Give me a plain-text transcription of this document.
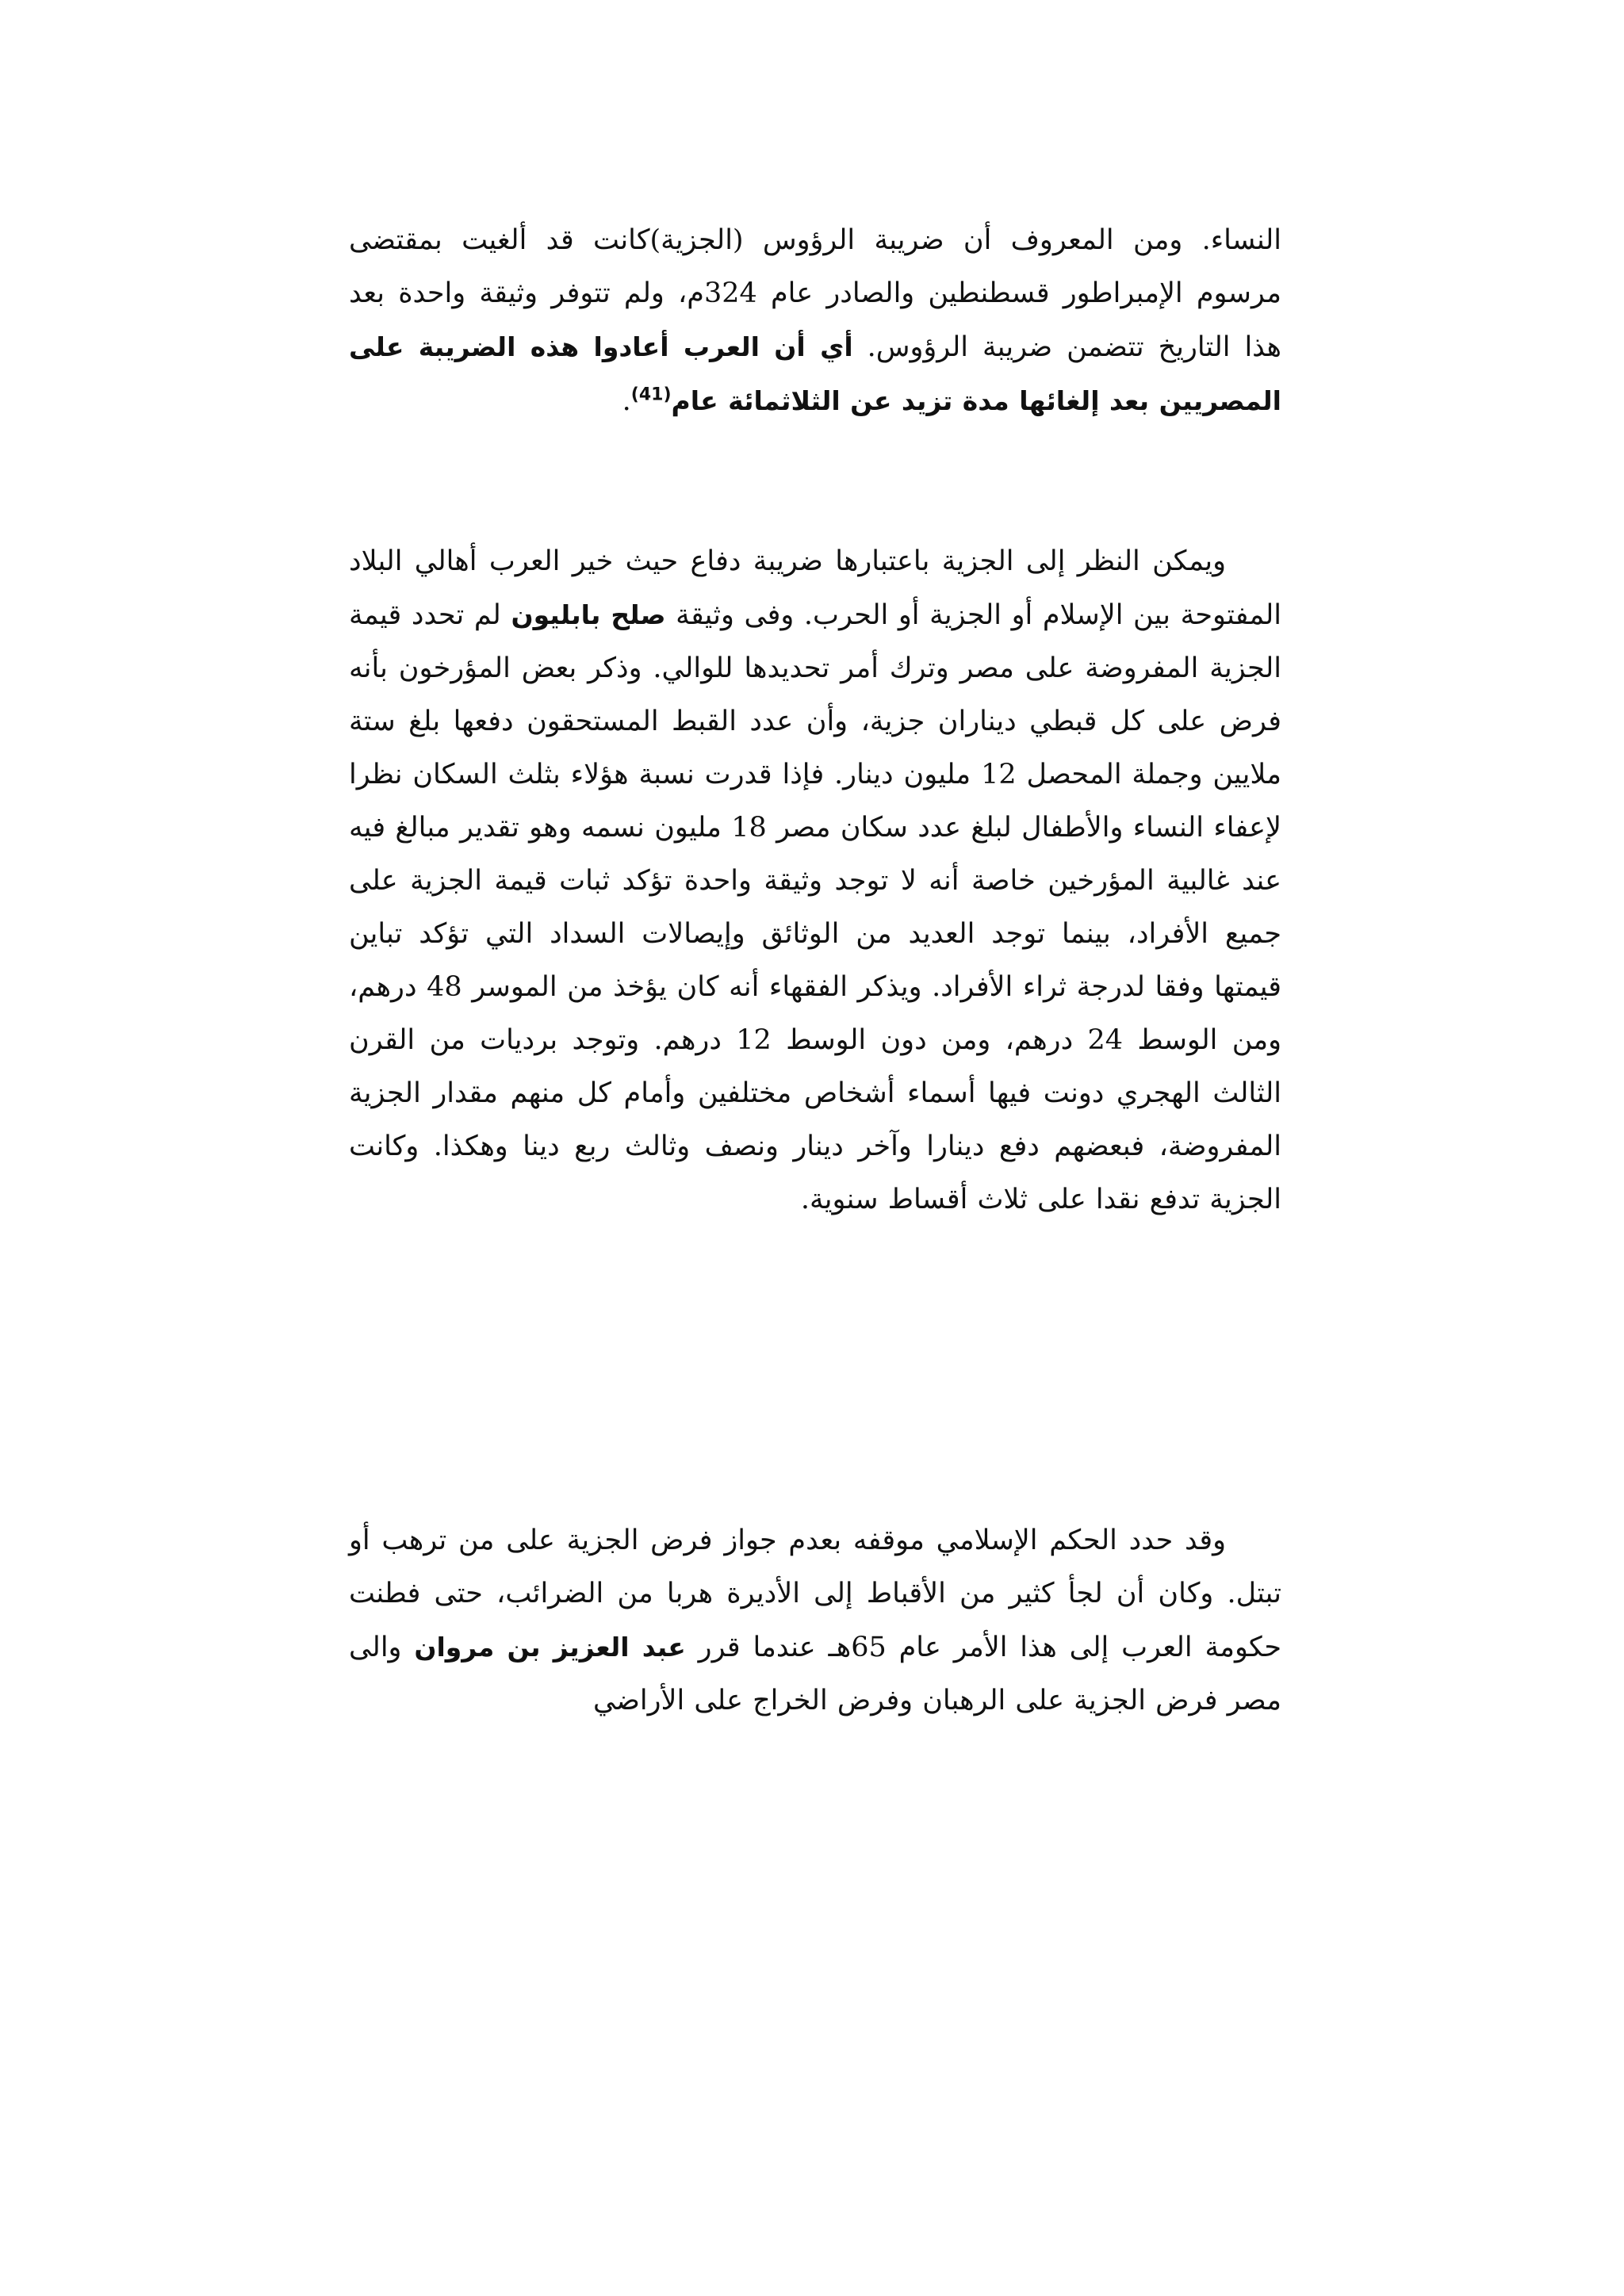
النساء. ومن المعروف أن ضريبة الرؤوس (الجزية)كانت قد ألغيت بمقتضى مرسوم الإمبراطور قسطنطين والصادر عام 324م، ولم تتوفر وثيقة واحدة بعد هذا التاريخ تتضمن ضريبة الرؤوس. أي أن العرب أعادوا هذه الضريبة على المصريين بعد إلغائها مدة تزيد عن الثلاثمائة عام$^{(41)}$.

ويمكن النظر إلى الجزية باعتبارها ضريبة دفاع حيث خير العرب أهالي البلاد المفتوحة بين الإسلام أو الجزية أو الحرب. وفى وثيقة صلح بابليون لم تحدد قيمة الجزية المفروضة على مصر وترك أمر تحديدها للوالي. وذكر بعض المؤرخون بأنه فرض على كل قبطي ديناران جزية، وأن عدد القبط المستحقون دفعها بلغ ستة ملايين وجملة المحصل 12 مليون دينار. فإذا قدرت نسبة هؤلاء بثلث السكان نظرا لإعفاء النساء والأطفال لبلغ عدد سكان مصر 18 مليون نسمه وهو تقدير مبالغ فيه عند غالبية المؤرخين خاصة أنه لا توجد وثيقة واحدة تؤكد ثبات قيمة الجزية على جميع الأفراد، بينما توجد العديد من الوثائق وإيصالات السداد التي تؤكد تباين قيمتها وفقا لدرجة ثراء الأفراد. ويذكر الفقهاء أنه كان يؤخذ من الموسر 48 درهم، ومن الوسط 24 درهم، ومن دون الوسط 12 درهم. وتوجد برديات من القرن الثالث الهجري دونت فيها أسماء أشخاص مختلفين وأمام كل منهم مقدار الجزية المفروضة، فبعضهم دفع دينارا وآخر دينار ونصف وثالث ربع دينا وهكذا. وكانت الجزية تدفع نقدا على ثلاث أقساط سنوية.

وقد حدد الحكم الإسلامي موقفه بعدم جواز فرض الجزية على من ترهب أو تبتل. وكان أن لجأ كثير من الأقباط إلى الأديرة هربا من الضرائب، حتى فطنت حكومة العرب إلى هذا الأمر عام 65هـ عندما قرر عبد العزيز بن مروان والى مصر فرض الجزية على الرهبان وفرض الخراج على الأراضي
